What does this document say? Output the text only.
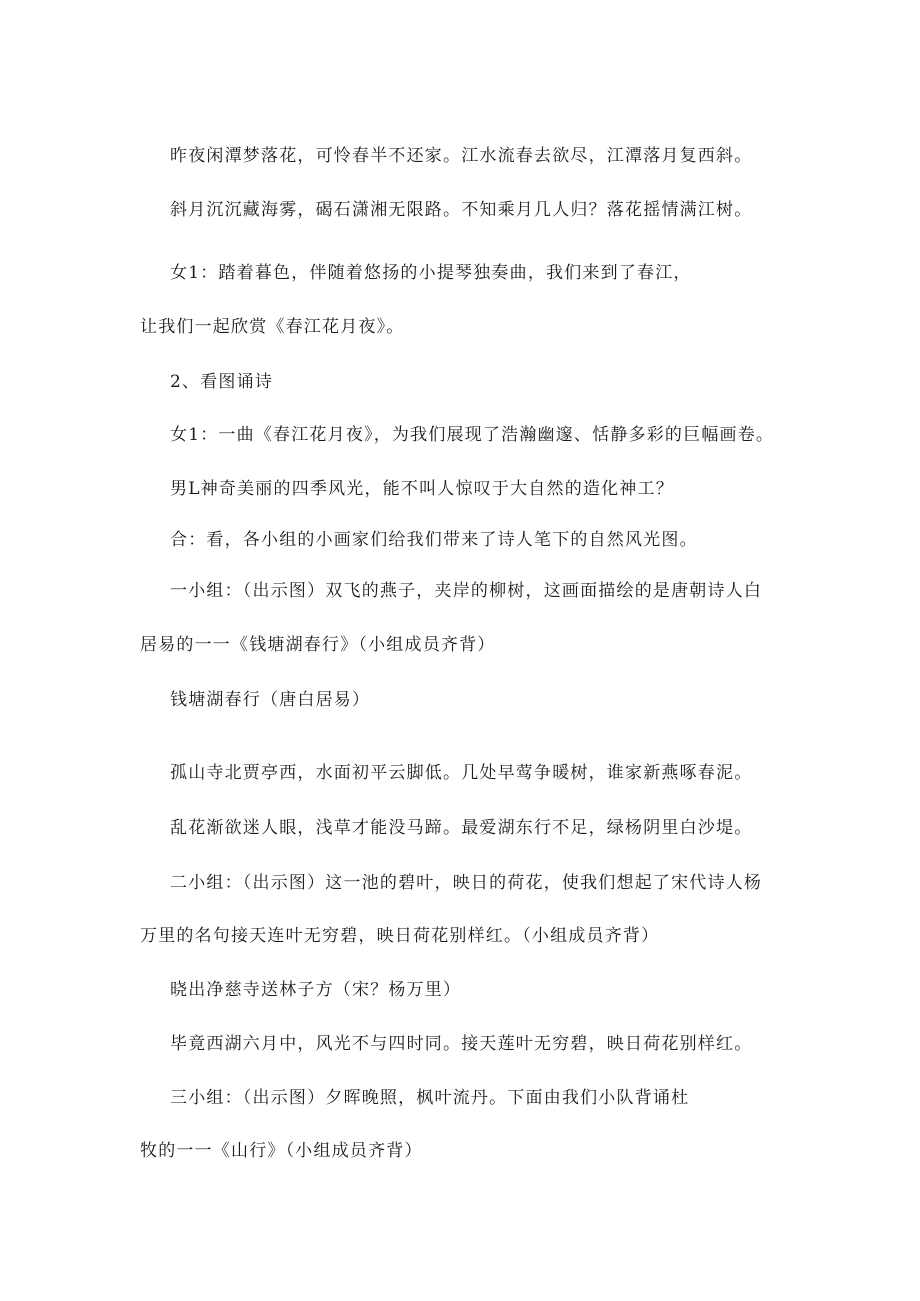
昨夜闲潭梦落花，可怜春半不还家。江水流春去欲尽，江潭落月复西斜。

斜月沉沉藏海雾，碣石潇湘无限路。不知乘月几人归？落花摇情满江树。

女1：踏着暮色，伴随着悠扬的小提琴独奏曲，我们来到了春江，

让我们一起欣赏《春江花月夜》。

2、看图诵诗

女1：一曲《春江花月夜》，为我们展现了浩瀚幽邃、恬静多彩的巨幅画卷。

男L神奇美丽的四季风光，能不叫人惊叹于大自然的造化神工？

合：看，各小组的小画家们给我们带来了诗人笔下的自然风光图。

一小组：（出示图）双飞的燕子，夹岸的柳树，这画面描绘的是唐朝诗人白

居易的一一《钱塘湖春行》（小组成员齐背）

钱塘湖春行（唐白居易）

孤山寺北贾亭西，水面初平云脚低。几处早莺争暖树，谁家新燕啄春泥。

乱花渐欲迷人眼，浅草才能没马蹄。最爱湖东行不足，绿杨阴里白沙堤。

二小组：（出示图）这一池的碧叶，映日的荷花，使我们想起了宋代诗人杨

万里的名句接天连叶无穷碧，映日荷花别样红。（小组成员齐背）

晓出净慈寺送林子方（宋？杨万里）

毕竟西湖六月中，风光不与四时同。接天莲叶无穷碧，映日荷花别样红。

三小组：（出示图）夕晖晚照，枫叶流丹。下面由我们小队背诵杜

牧的一一《山行》（小组成员齐背）
